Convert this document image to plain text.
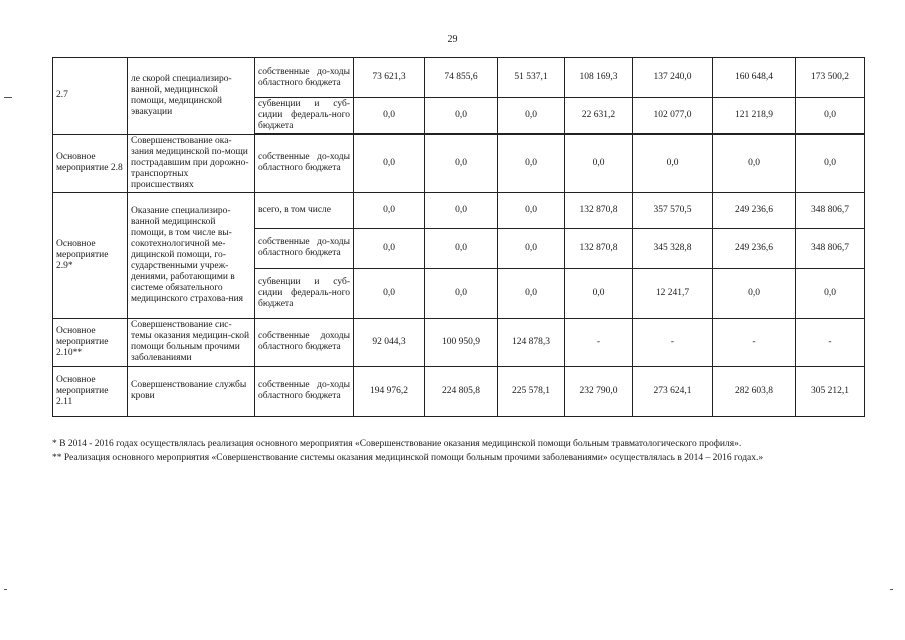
29
2.7	ле скорой специализиро-ванной, медицинской помощи, медицинской эвакуации	собственные до-ходы областного бюджета	73 621,3	74 855,6	51 537,1	108 169,3	137 240,0	160 648,4	173 500,2
		субвенции и суб-сидии федераль-ного бюджета	0,0	0,0	0,0	22 631,2	102 077,0	121 218,9	0,0
Основное мероприятие 2.8	Совершенствование ока-зания медицинской по-мощи пострадавшим при дорожно-транспортных происшествиях	собственные до-ходы областного бюджета	0,0	0,0	0,0	0,0	0,0	0,0	0,0
Основное мероприятие 2.9*	Оказание специализиро-ванной медицинской помощи, в том числе вы-сокотехнологичной ме-дицинской помощи, го-сударственными учреж-дениями, работающими в системе обязательного медицинского страхова-ния	всего, в том числе	0,0	0,0	0,0	132 870,8	357 570,5	249 236,6	348 806,7
		собственные до-ходы областного бюджета	0,0	0,0	0,0	132 870,8	345 328,8	249 236,6	348 806,7
		субвенции и суб-сидии федераль-ного бюджета	0,0	0,0	0,0	0,0	12 241,7	0,0	0,0
Основное мероприятие 2.10**	Совершенствование сис-темы оказания медицин-ской помощи больным прочими заболеваниями	собственные доходы областного бюджета	92 044,3	100 950,9	124 878,3	-	-	-	-
Основное мероприятие 2.11	Совершенствование службы крови	собственные до-ходы областного бюджета	194 976,2	224 805,8	225 578,1	232 790,0	273 624,1	282 603,8	305 212,1

* В 2014 - 2016 годах осуществлялась реализация основного мероприятия «Совершенствование оказания медицинской помощи больным травматологического профиля».

** Реализация основного мероприятия «Совершенствование системы оказания медицинской помощи больным прочими заболеваниями» осуществлялась в 2014 – 2016 годах.»
